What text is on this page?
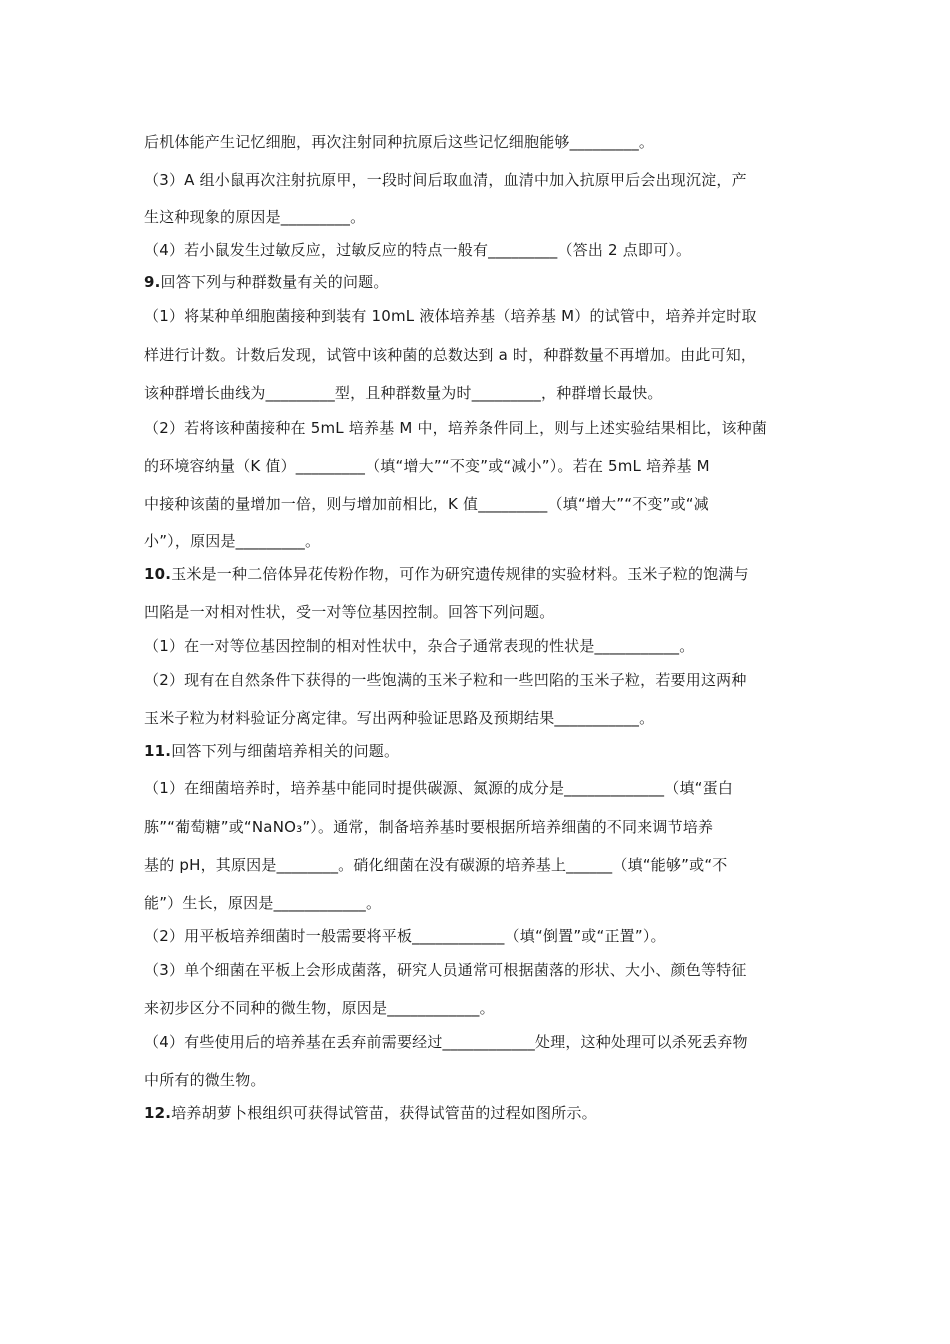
后机体能产生记忆细胞，再次注射同种抗原后这些记忆细胞能够_________。
（3）A 组小鼠再次注射抗原甲，一段时间后取血清，血清中加入抗原甲后会出现沉淀，产
生这种现象的原因是_________。
（4）若小鼠发生过敏反应，过敏反应的特点一般有_________（答出 2 点即可）。
9.回答下列与种群数量有关的问题。
（1）将某种单细胞菌接种到装有 10mL 液体培养基（培养基 M）的试管中，培养并定时取
样进行计数。计数后发现，试管中该种菌的总数达到 a 时，种群数量不再增加。由此可知，
该种群增长曲线为_________型，且种群数量为时_________，种群增长最快。
（2）若将该种菌接种在 5mL 培养基 M 中，培养条件同上，则与上述实验结果相比，该种菌
的环境容纳量（K 值）_________（填“增大”“不变”或“减小”）。若在 5mL 培养基 M
中接种该菌的量增加一倍，则与增加前相比，K 值_________（填“增大”“不变”或“减
小”），原因是_________。
10.玉米是一种二倍体异花传粉作物，可作为研究遗传规律的实验材料。玉米子粒的饱满与
凹陷是一对相对性状，受一对等位基因控制。回答下列问题。
（1）在一对等位基因控制的相对性状中，杂合子通常表现的性状是___________。
（2）现有在自然条件下获得的一些饱满的玉米子粒和一些凹陷的玉米子粒，若要用这两种
玉米子粒为材料验证分离定律。写出两种验证思路及预期结果___________。
11.回答下列与细菌培养相关的问题。
（1）在细菌培养时，培养基中能同时提供碳源、氮源的成分是_____________（填“蛋白
胨”“葡萄糖”或“NaNO₃”）。通常，制备培养基时要根据所培养细菌的不同来调节培养
基的 pH，其原因是________。硝化细菌在没有碳源的培养基上______（填“能够”或“不
能”）生长，原因是____________。
（2）用平板培养细菌时一般需要将平板____________（填“倒置”或“正置”）。
（3）单个细菌在平板上会形成菌落，研究人员通常可根据菌落的形状、大小、颜色等特征
来初步区分不同种的微生物，原因是____________。
（4）有些使用后的培养基在丢弃前需要经过____________处理，这种处理可以杀死丢弃物
中所有的微生物。
12.培养胡萝卜根组织可获得试管苗，获得试管苗的过程如图所示。
